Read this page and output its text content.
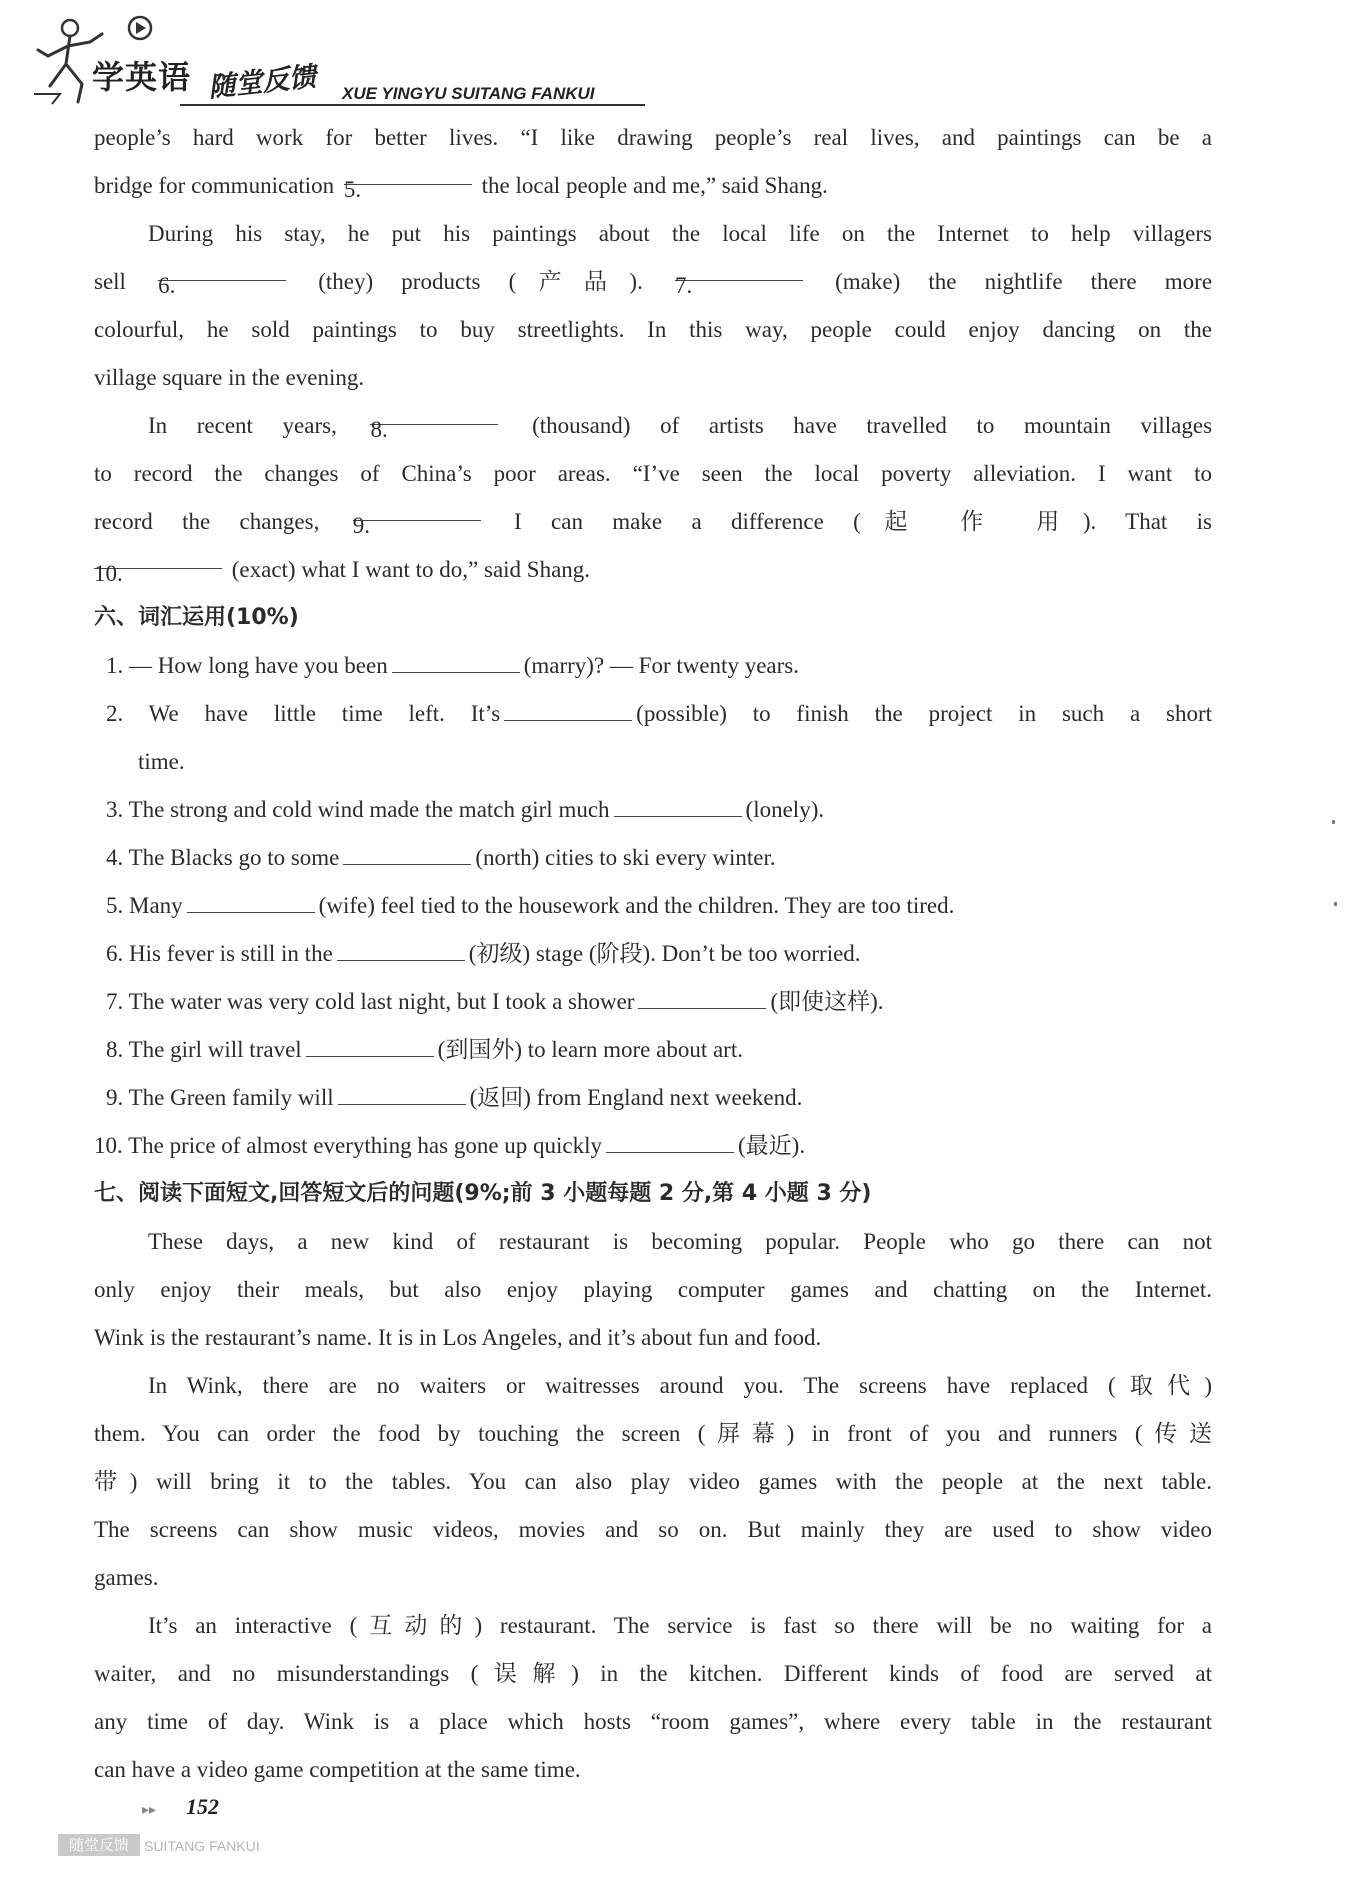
学英语 随堂反馈 XUE YINGYU SUITANG FANKUI
people’s hard work for better lives. “I like drawing people’s real lives, and paintings can be a
bridge for communication 5.	the local people and me,” said Shang.
During his stay, he put his paintings about the local life on the Internet to help villagers
sell 6.	(they) products (产品). 7.	(make) the nightlife there more
colourful, he sold paintings to buy streetlights. In this way, people could enjoy dancing on the
village square in the evening.
In recent years, 8.	(thousand) of artists have travelled to mountain villages
to record the changes of China’s poor areas. “I’ve seen the local poverty alleviation. I want to
record the changes, 9.	I can make a difference (起 作 用). That is
10.	(exact) what I want to do,” said Shang.
六、词汇运用(10%)
1. — How long have you been	(marry)? — For twenty years.
2. We have little time left. It’s	(possible) to finish the project in such a short
time.
3. The strong and cold wind made the match girl much	(lonely).
4. The Blacks go to some	(north) cities to ski every winter.
5. Many	(wife) feel tied to the housework and the children. They are too tired.
6. His fever is still in the	(初级) stage (阶段). Don’t be too worried.
7. The water was very cold last night, but I took a shower	(即使这样).
8. The girl will travel	(到国外) to learn more about art.
9. The Green family will	(返回) from England next weekend.
10. The price of almost everything has gone up quickly	(最近).
七、阅读下面短文,回答短文后的问题(9%;前 3 小题每题 2 分,第 4 小题 3 分)
These days, a new kind of restaurant is becoming popular. People who go there can not
only enjoy their meals, but also enjoy playing computer games and chatting on the Internet.
Wink is the restaurant’s name. It is in Los Angeles, and it’s about fun and food.
In Wink, there are no waiters or waitresses around you. The screens have replaced (取代)
them. You can order the food by touching the screen (屏幕) in front of you and runners (传送
带) will bring it to the tables. You can also play video games with the people at the next table.
The screens can show music videos, movies and so on. But mainly they are used to show video
games.
It’s an interactive (互动的) restaurant. The service is fast so there will be no waiting for a
waiter, and no misunderstandings (误解) in the kitchen. Different kinds of food are served at
any time of day. Wink is a place which hosts “room games”, where every table in the restaurant
can have a video game competition at the same time.
▸▸ 152
随堂反馈	SUITANG FANKUI
